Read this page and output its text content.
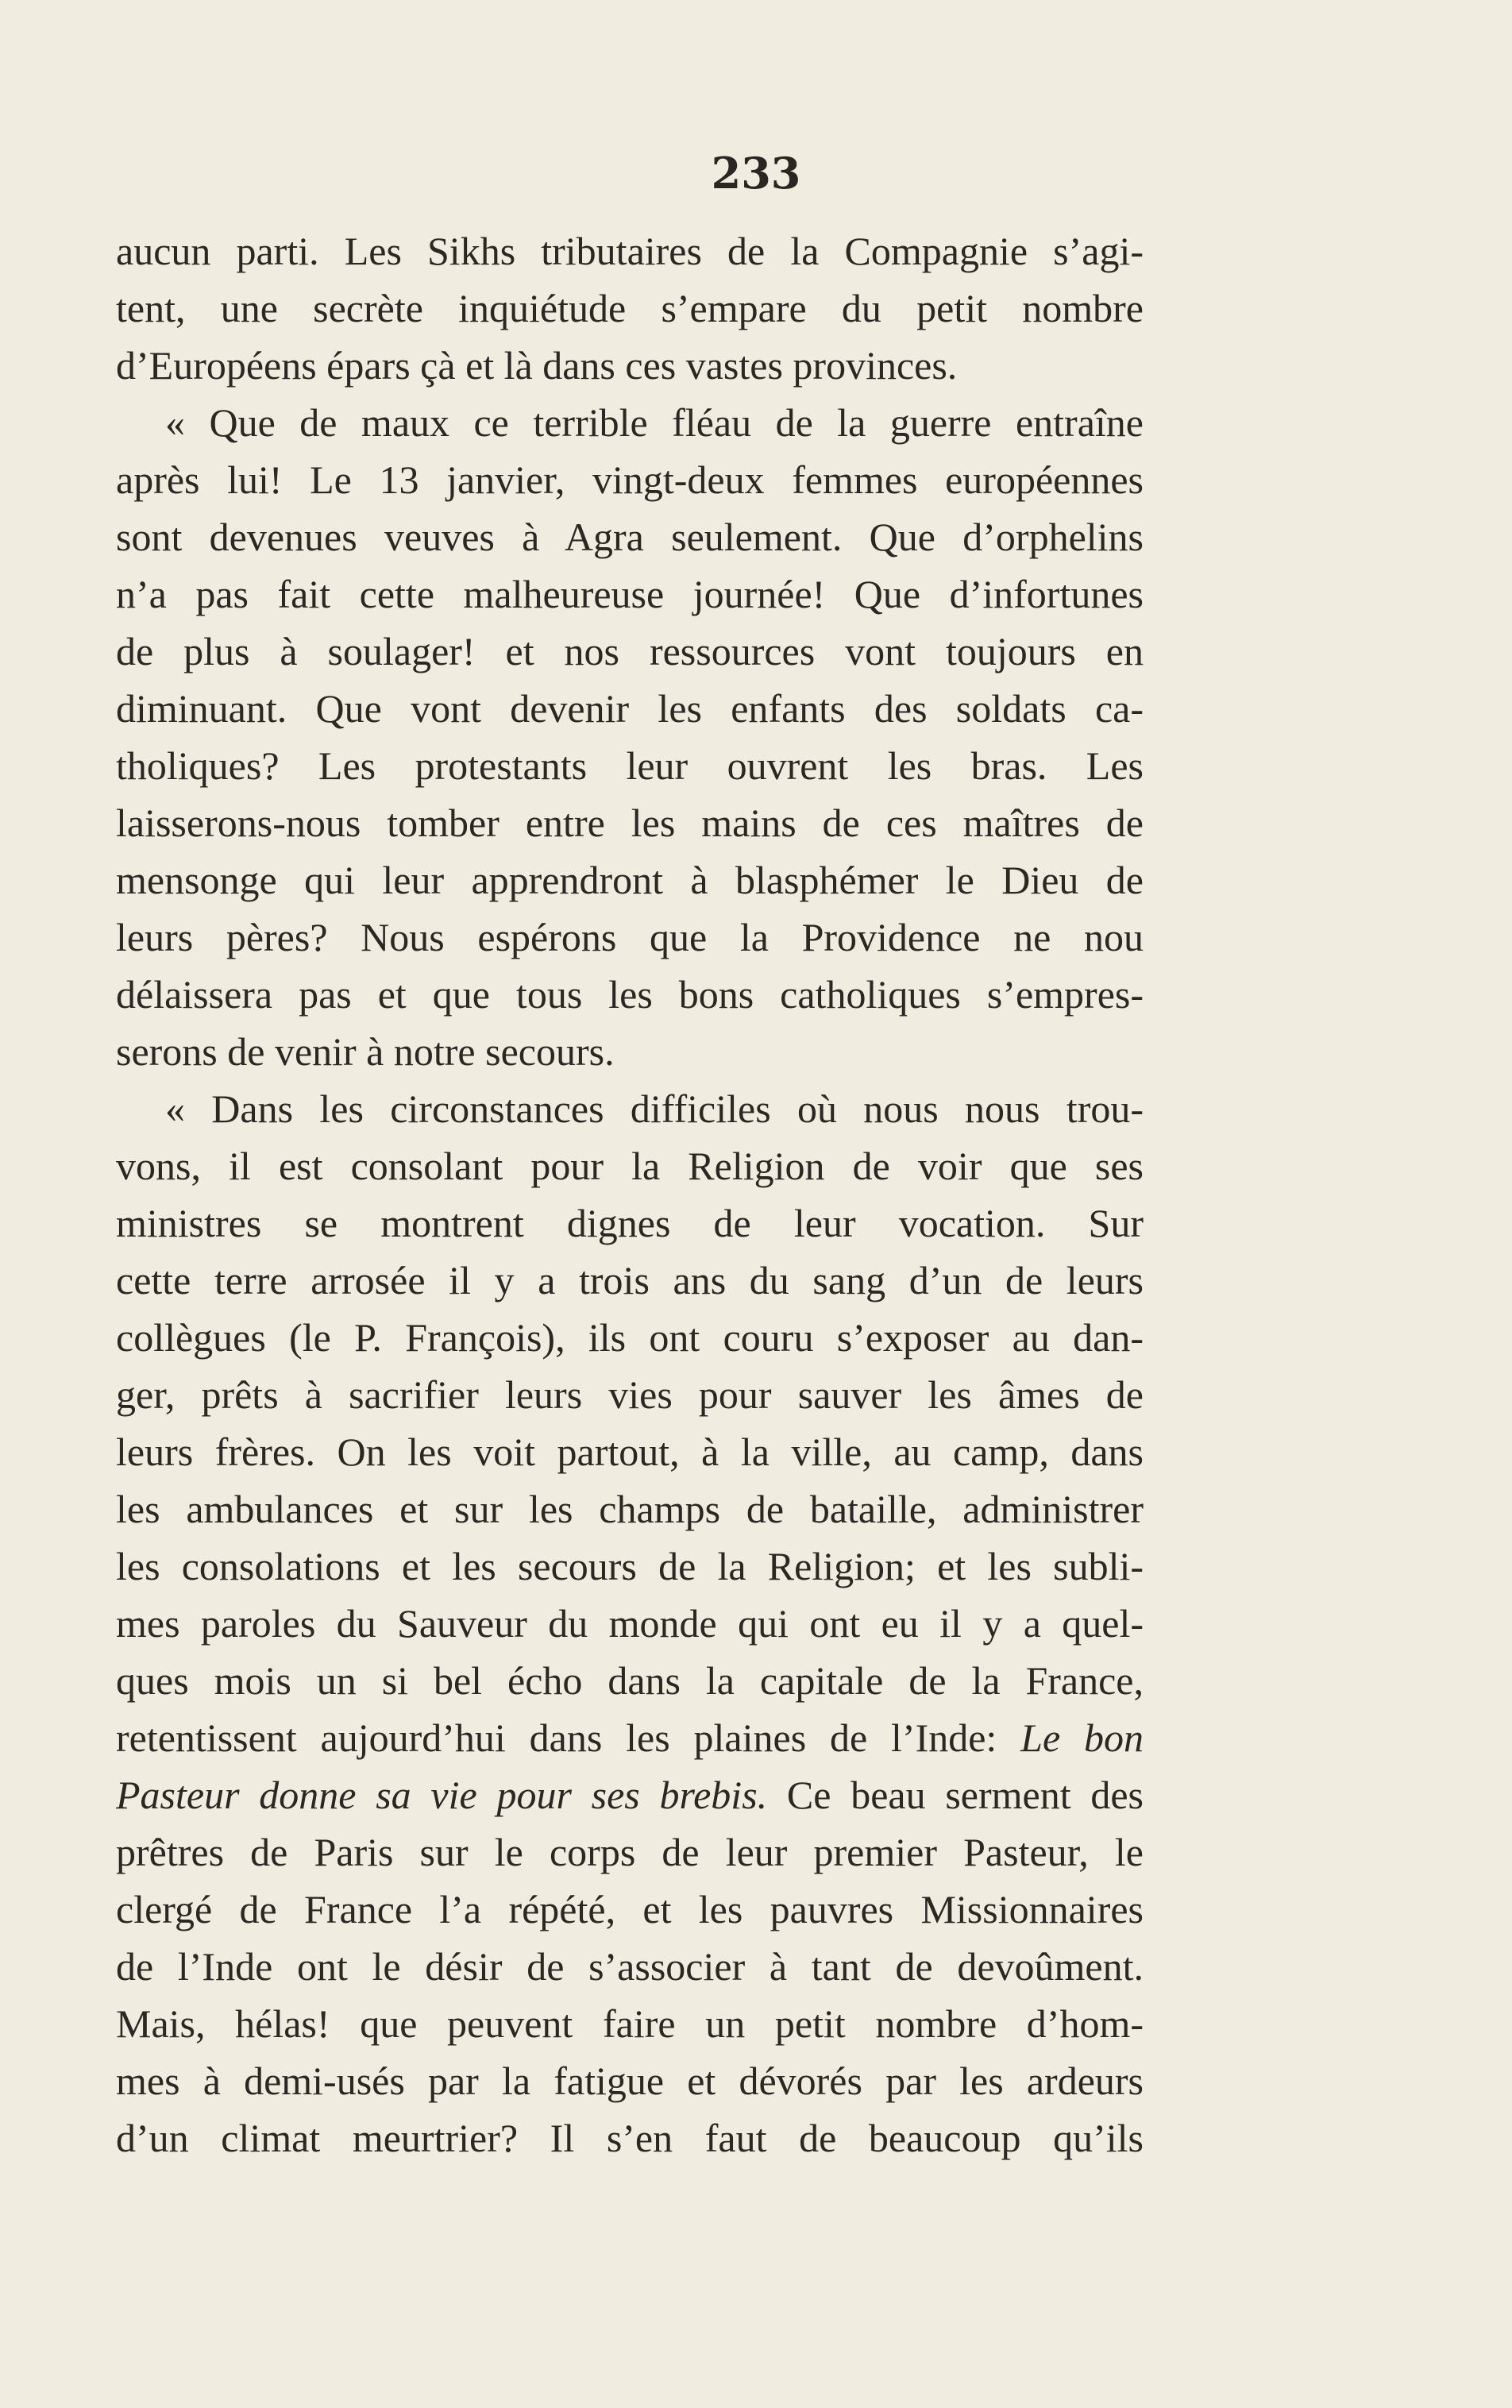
233
aucun parti. Les Sikhs tributaires de la Compagnie s’agi-
tent, une secrète inquiétude s’empare du petit nombre
d’Européens épars çà et là dans ces vastes provinces.
« Que de maux ce terrible fléau de la guerre entraîne
après lui! Le 13 janvier, vingt-deux femmes européennes
sont devenues veuves à Agra seulement. Que d’orphelins
n’a pas fait cette malheureuse journée! Que d’infortunes
de plus à soulager! et nos ressources vont toujours en
diminuant. Que vont devenir les enfants des soldats ca-
tholiques? Les protestants leur ouvrent les bras. Les
laisserons-nous tomber entre les mains de ces maîtres de
mensonge qui leur apprendront à blasphémer le Dieu de
leurs pères? Nous espérons que la Providence ne nou
délaissera pas et que tous les bons catholiques s’empres-
serons de venir à notre secours.
« Dans les circonstances difficiles où nous nous trou-
vons, il est consolant pour la Religion de voir que ses
ministres se montrent dignes de leur vocation. Sur
cette terre arrosée il y a trois ans du sang d’un de leurs
collègues (le P. François), ils ont couru s’exposer au dan-
ger, prêts à sacrifier leurs vies pour sauver les âmes de
leurs frères. On les voit partout, à la ville, au camp, dans
les ambulances et sur les champs de bataille, administrer
les consolations et les secours de la Religion; et les subli-
mes paroles du Sauveur du monde qui ont eu il y a quel-
ques mois un si bel écho dans la capitale de la France,
retentissent aujourd’hui dans les plaines de l’Inde: Le bon
Pasteur donne sa vie pour ses brebis. Ce beau serment des
prêtres de Paris sur le corps de leur premier Pasteur, le
clergé de France l’a répété, et les pauvres Missionnaires
de l’Inde ont le désir de s’associer à tant de devoûment.
Mais, hélas! que peuvent faire un petit nombre d’hom-
mes à demi-usés par la fatigue et dévorés par les ardeurs
d’un climat meurtrier? Il s’en faut de beaucoup qu’ils
